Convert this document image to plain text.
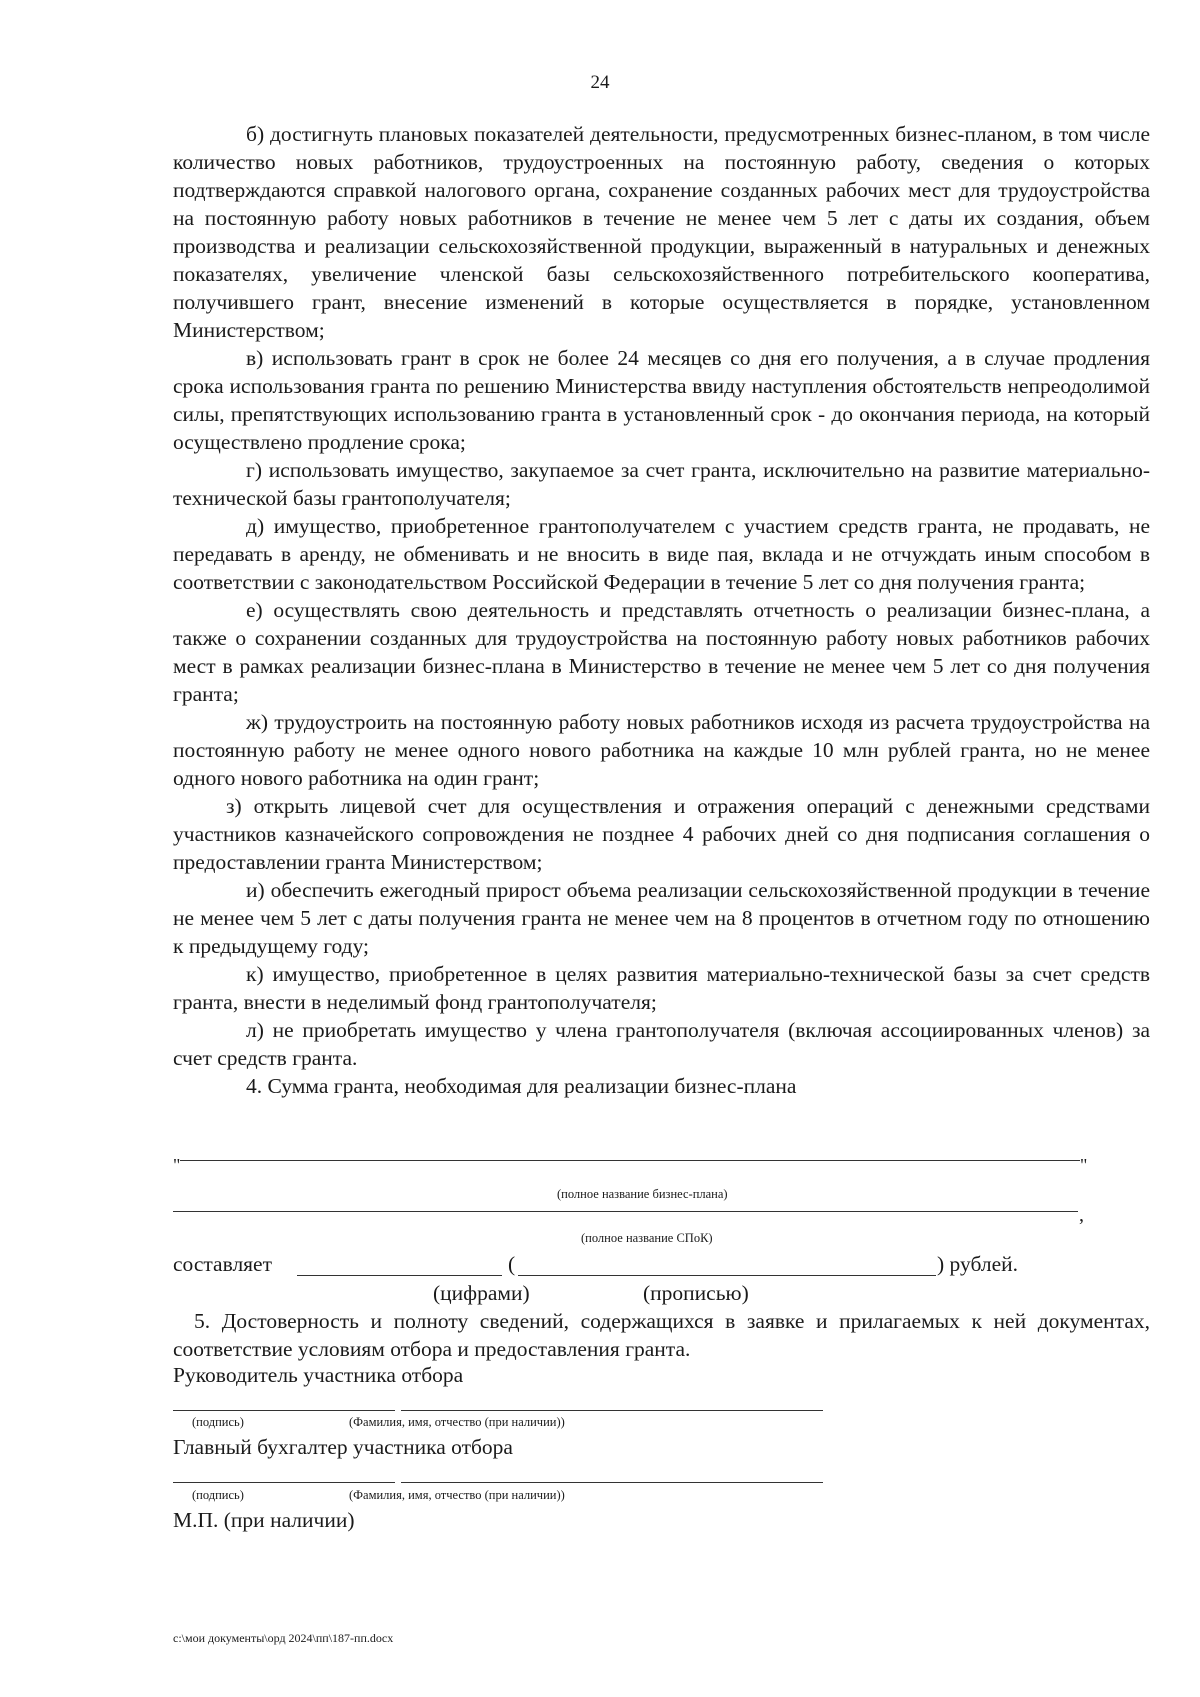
24

б) достигнуть плановых показателей деятельности, предусмотренных бизнес-планом, в том числе количество новых работников, трудоустроенных на постоянную работу, сведения о которых подтверждаются справкой налогового органа, сохранение созданных рабочих мест для трудоустройства на постоянную работу новых работников в течение не менее чем 5 лет с даты их создания, объем производства и реализации сельскохозяйственной продукции, выраженный в натуральных и денежных показателях, увеличение членской базы сельскохозяйственного потребительского кооператива, получившего грант, внесение изменений в которые осуществляется в порядке, установленном Министерством;

в) использовать грант в срок не более 24 месяцев со дня его получения, а в случае продления срока использования гранта по решению Министерства ввиду наступления обстоятельств непреодолимой силы, препятствующих использованию гранта в установленный срок - до окончания периода, на который осуществлено продление срока;

г) использовать имущество, закупаемое за счет гранта, исключительно на развитие материально-технической базы грантополучателя;

д) имущество, приобретенное грантополучателем с участием средств гранта, не продавать, не передавать в аренду, не обменивать и не вносить в виде пая, вклада и не отчуждать иным способом в соответствии с законодательством Российской Федерации в течение 5 лет со дня получения гранта;

е) осуществлять свою деятельность и представлять отчетность о реализации бизнес-плана, а также о сохранении созданных для трудоустройства на постоянную работу новых работников рабочих мест в рамках реализации бизнес-плана в Министерство в течение не менее чем 5 лет со дня получения гранта;

ж) трудоустроить на постоянную работу новых работников исходя из расчета трудоустройства на постоянную работу не менее одного нового работника на каждые 10 млн рублей гранта, но не менее одного нового работника на один грант;

з) открыть лицевой счет для осуществления и отражения операций с денежными средствами участников казначейского сопровождения не позднее 4 рабочих дней со дня подписания соглашения о предоставлении гранта Министерством;

и) обеспечить ежегодный прирост объема реализации сельскохозяйственной продукции в течение не менее чем 5 лет с даты получения гранта не менее чем на 8 процентов в отчетном году по отношению к предыдущему году;

к) имущество, приобретенное в целях развития материально-технической базы за счет средств гранта, внести в неделимый фонд грантополучателя;

л) не приобретать имущество у члена грантополучателя (включая ассоциированных членов) за счет средств гранта.

4. Сумма гранта, необходимая для реализации бизнес-плана

"	"
(полное название бизнес-плана)
,
(полное название СПоК)
составляет	(	) рублей.
(цифрами)	(прописью)

5. Достоверность и полноту сведений, содержащихся в заявке и прилагаемых к ней документах, соответствие условиям отбора и предоставления гранта.

Руководитель участника отбора
(подпись)	(Фамилия, имя, отчество (при наличии))
Главный бухгалтер участника отбора
(подпись)	(Фамилия, имя, отчество (при наличии))
М.П. (при наличии)
с:\мои документы\орд 2024\пп\187-пп.docx
